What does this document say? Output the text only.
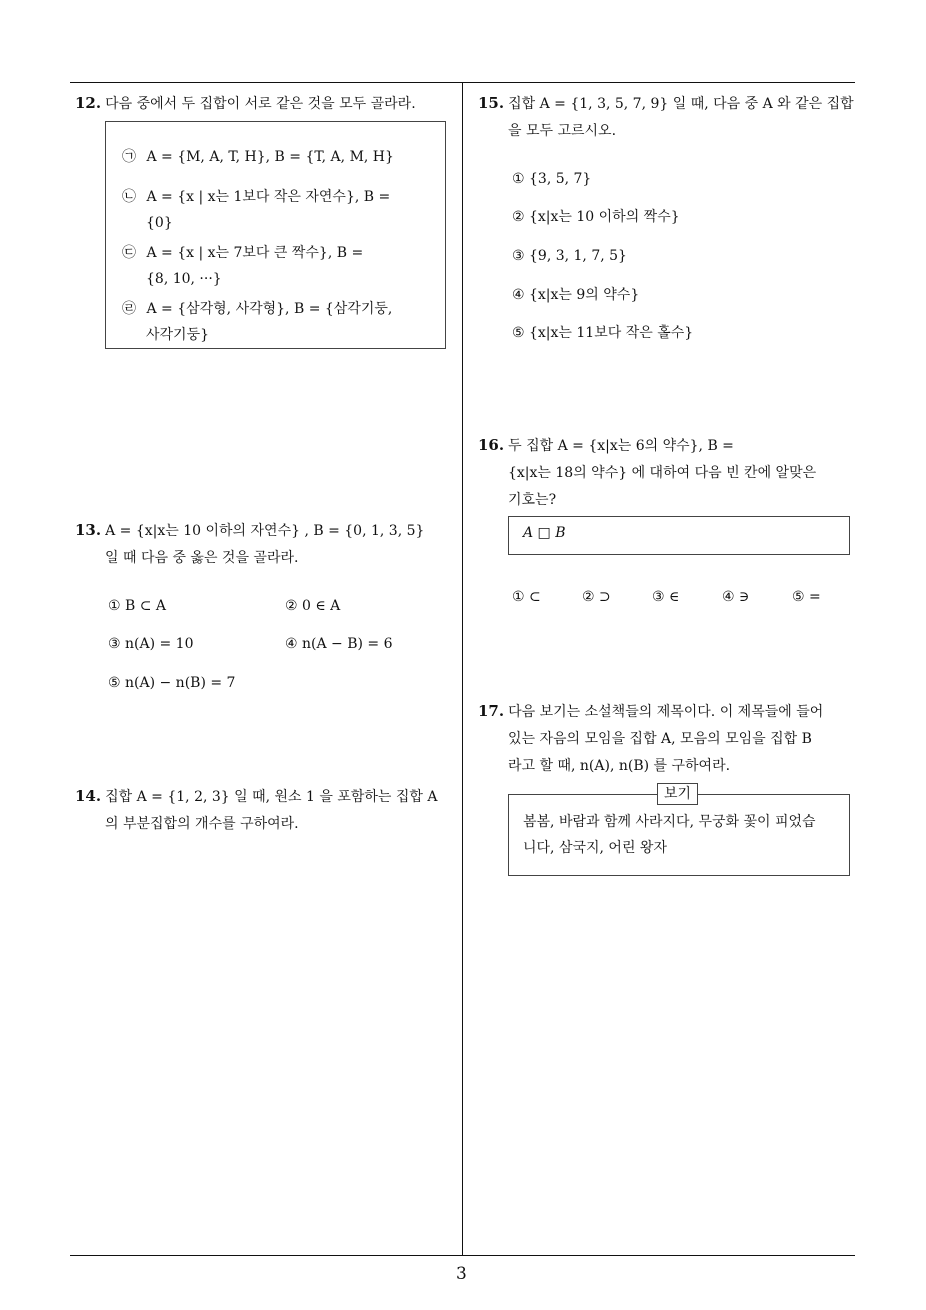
12. 다음 중에서 두 집합이 서로 같은 것을 모두 골라라.
㉠ A = {M, A, T, H}, B = {T, A, M, H}
㉡ A = {x | x는 1보다 작은 자연수}, B =
{0}
㉢ A = {x | x는 7보다 큰 짝수}, B =
{8, 10, ···}
㉣ A = {삼각형, 사각형}, B = {삼각기둥,
사각기둥}
13. A = {x|x는 10 이하의 자연수} , B = {0, 1, 3, 5}
일 때 다음 중 옳은 것을 골라라.
① B ⊂ A	② 0 ∈ A
③ n(A) = 10	④ n(A − B) = 6
⑤ n(A) − n(B) = 7
14. 집합 A = {1, 2, 3} 일 때, 원소 1 을 포함하는 집합 A
의 부분집합의 개수를 구하여라.
15. 집합 A = {1, 3, 5, 7, 9} 일 때, 다음 중 A 와 같은 집합
을 모두 고르시오.
① {3, 5, 7}
② {x|x는 10 이하의 짝수}
③ {9, 3, 1, 7, 5}
④ {x|x는 9의 약수}
⑤ {x|x는 11보다 작은 홀수}
16. 두 집합 A = {x|x는 6의 약수}, B =
{x|x는 18의 약수} 에 대하여 다음 빈 칸에 알맞은
기호는?
A □ B
① ⊂	② ⊃	③ ∈	④ ∋	⑤ =
17. 다음 보기는 소설책들의 제목이다. 이 제목들에 들어
있는 자음의 모임을 집합 A, 모음의 모임을 집합 B
라고 할 때, n(A), n(B) 를 구하여라.
봄봄, 바람과 함께 사라지다, 무궁화 꽃이 피었습
니다, 삼국지, 어린 왕자
보기
3
